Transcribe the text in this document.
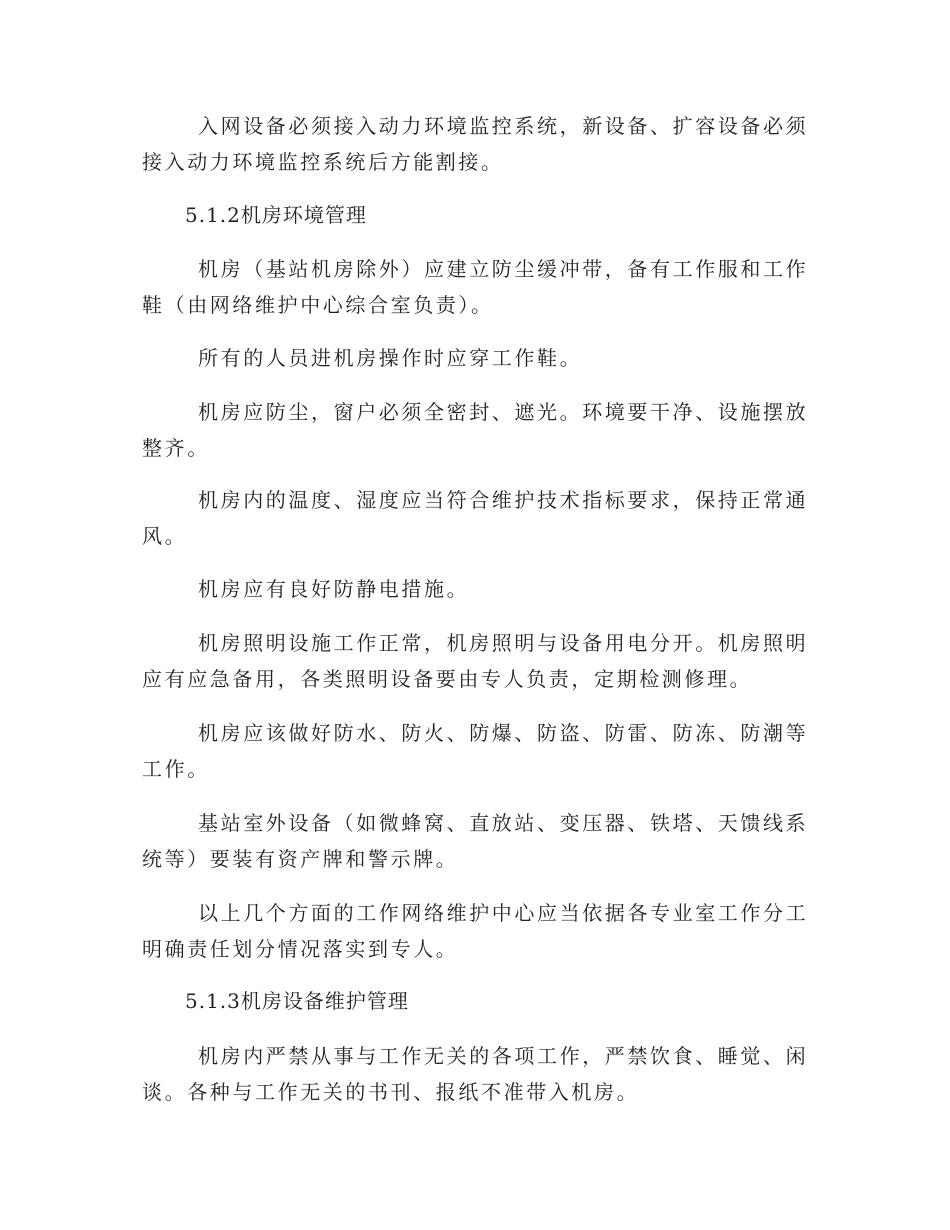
入网设备必须接入动力环境监控系统，新设备、扩容设备必须接入动力环境监控系统后方能割接。

5.1.2机房环境管理

机房（基站机房除外）应建立防尘缓冲带，备有工作服和工作鞋（由网络维护中心综合室负责）。

所有的人员进机房操作时应穿工作鞋。

机房应防尘，窗户必须全密封、遮光。环境要干净、设施摆放整齐。

机房内的温度、湿度应当符合维护技术指标要求，保持正常通风。

机房应有良好防静电措施。

机房照明设施工作正常，机房照明与设备用电分开。机房照明应有应急备用，各类照明设备要由专人负责，定期检测修理。

机房应该做好防水、防火、防爆、防盗、防雷、防冻、防潮等工作。

基站室外设备（如微蜂窝、直放站、变压器、铁塔、天馈线系统等）要装有资产牌和警示牌。

以上几个方面的工作网络维护中心应当依据各专业室工作分工明确责任划分情况落实到专人。

5.1.3机房设备维护管理

机房内严禁从事与工作无关的各项工作，严禁饮食、睡觉、闲谈。各种与工作无关的书刊、报纸不准带入机房。
